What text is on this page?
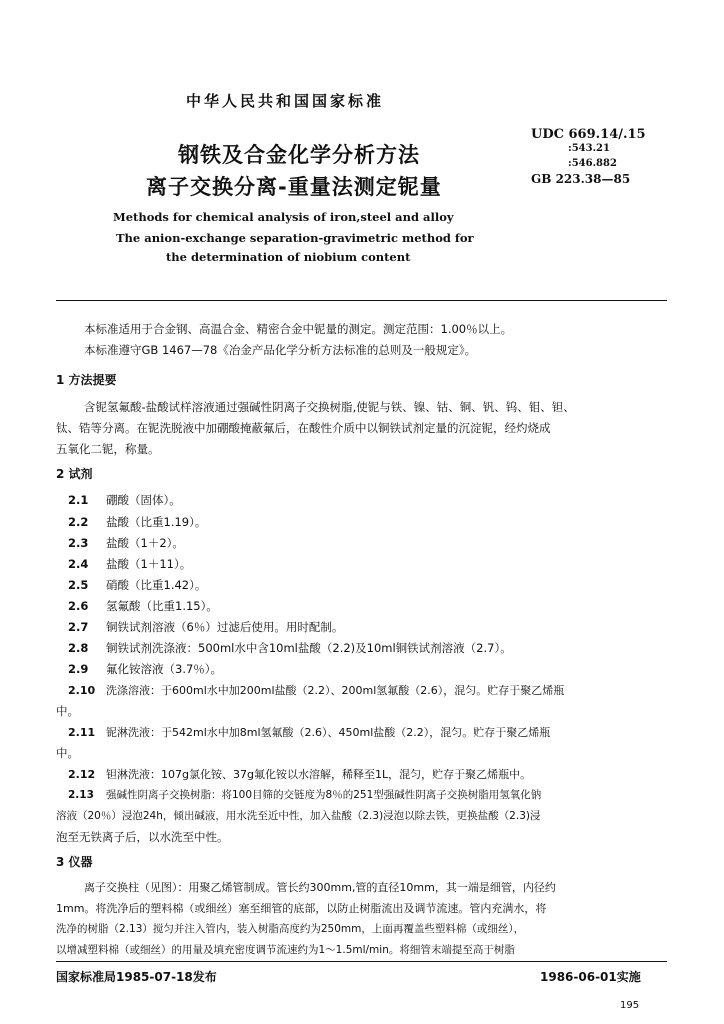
中华人民共和国国家标准
钢铁及合金化学分析方法
离子交换分离-重量法测定铌量
UDC 669.14/.15
:543.21
:546.882
GB 223.38—85
Methods for chemical analysis of iron,steel and alloy
The anion-exchange separation-gravimetric method for
the determination of niobium content

本标准适用于合金钢、高温合金、精密合金中铌量的测定。测定范围：1.00％以上。

本标准遵守GB 1467—78《冶金产品化学分析方法标准的总则及一般规定》。

1 方法提要

含铌氢氟酸-盐酸试样溶液通过强碱性阴离子交换树脂,使铌与铁、镍、钴、铜、钒、钨、钼、钽、

钛、锆等分离。在铌洗脱液中加硼酸掩蔽氟后，在酸性介质中以铜铁试剂定量的沉淀铌，经灼烧成

五氧化二铌，称量。

2 试剂

2.1 硼酸（固体）。
2.2 盐酸（比重1.19）。
2.3 盐酸（1＋2）。
2.4 盐酸（1＋11）。
2.5 硝酸（比重1.42）。
2.6 氢氟酸（比重1.15）。
2.7 铜铁试剂溶液（6％）过滤后使用。用时配制。
2.8 铜铁试剂洗涤液：500ml水中含10ml盐酸（2.2)及10ml铜铁试剂溶液（2.7）。
2.9 氟化铵溶液（3.7％）。
2.10 洗涤溶液：于600ml水中加200ml盐酸（2.2）、200ml氢氟酸（2.6），混匀。贮存于聚乙烯瓶

中。

2.11 铌淋洗液：于542ml水中加8ml氢氟酸（2.6）、450ml盐酸（2.2），混匀。贮存于聚乙烯瓶

中。

2.12 钽淋洗液：107g氯化铵、37g氟化铵以水溶解，稀释至1L，混匀，贮存于聚乙烯瓶中。
2.13 强碱性阴离子交换树脂：将100目筛的交链度为8％的251型强碱性阴离子交换树脂用氢氧化钠

溶液（20％）浸泡24h，倾出碱液，用水洗至近中性，加入盐酸（2.3)浸泡以除去铁，更换盐酸（2.3)浸

泡至无铁离子后，以水洗至中性。

3 仪器

离子交换柱（见图）：用聚乙烯管制成。管长约300mm,管的直径10mm，其一端是细管，内径约

1mm。将洗净后的塑料棉（或细丝）塞至细管的底部，以防止树脂流出及调节流速。管内充满水，将

洗净的树脂（2.13）搅匀并注入管内，装入树脂高度约为250mm，上面再覆盖些塑料棉（或细丝），

以增减塑料棉（或细丝）的用量及填充密度调节流速约为1～1.5ml/min。将细管末端提至高于树脂

国家标准局1985-07-18发布	1986-06-01实施

195
